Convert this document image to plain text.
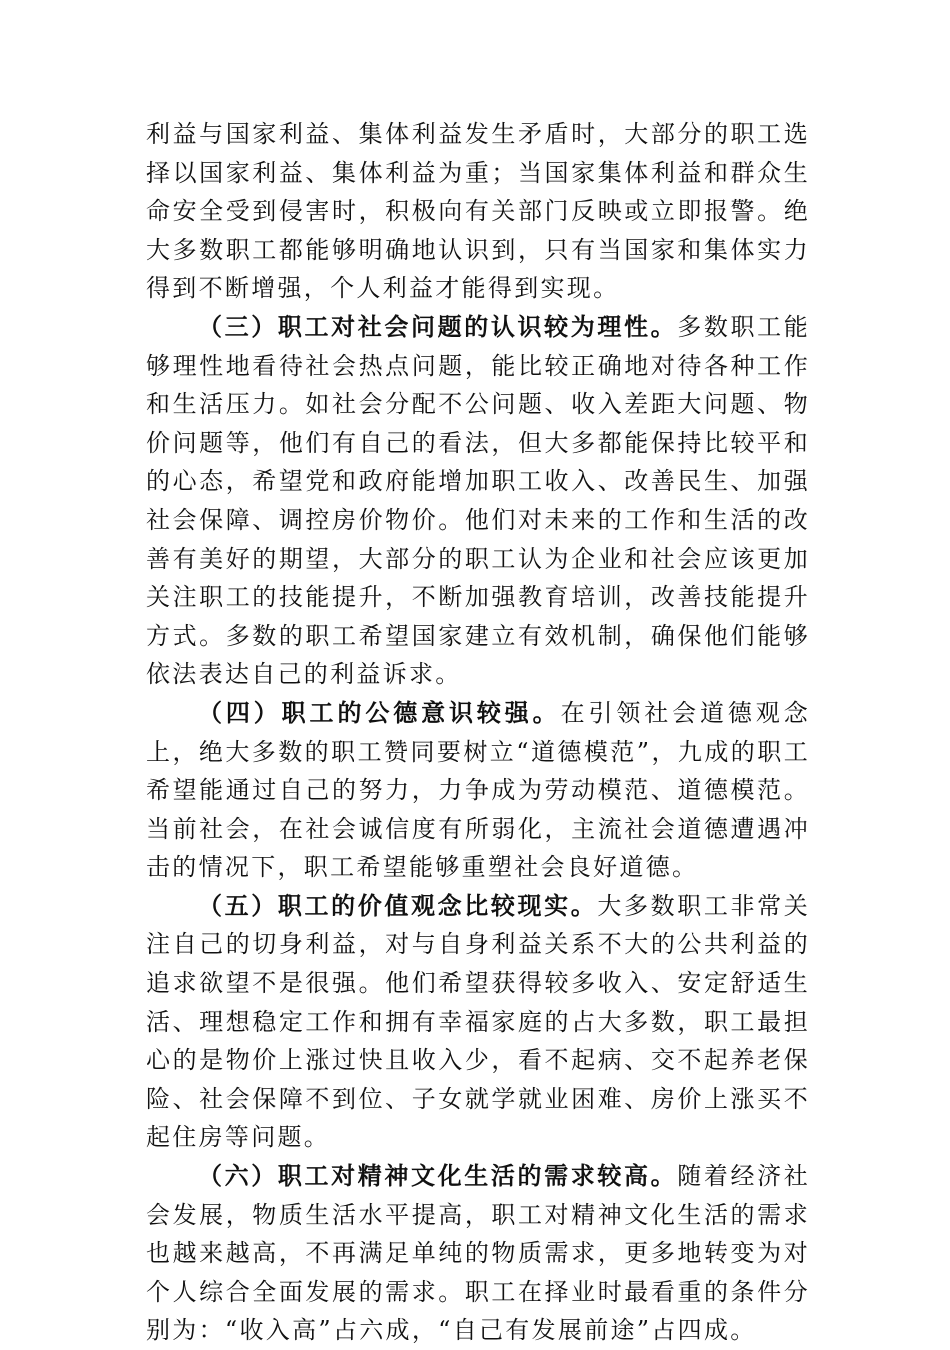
利益与国家利益、集体利益发生矛盾时，大部分的职工选择以国家利益、集体利益为重；当国家集体利益和群众生命安全受到侵害时，积极向有关部门反映或立即报警。绝大多数职工都能够明确地认识到，只有当国家和集体实力得到不断增强，个人利益才能得到实现。

（三）职工对社会问题的认识较为理性。多数职工能够理性地看待社会热点问题，能比较正确地对待各种工作和生活压力。如社会分配不公问题、收入差距大问题、物价问题等，他们有自己的看法，但大多都能保持比较平和的心态，希望党和政府能增加职工收入、改善民生、加强社会保障、调控房价物价。他们对未来的工作和生活的改善有美好的期望，大部分的职工认为企业和社会应该更加关注职工的技能提升，不断加强教育培训，改善技能提升方式。多数的职工希望国家建立有效机制，确保他们能够依法表达自己的利益诉求。

（四）职工的公德意识较强。在引领社会道德观念上，绝大多数的职工赞同要树立“道德模范”，九成的职工希望能通过自己的努力，力争成为劳动模范、道德模范。当前社会，在社会诚信度有所弱化，主流社会道德遭遇冲击的情况下，职工希望能够重塑社会良好道德。

（五）职工的价值观念比较现实。大多数职工非常关注自己的切身利益，对与自身利益关系不大的公共利益的追求欲望不是很强。他们希望获得较多收入、安定舒适生活、理想稳定工作和拥有幸福家庭的占大多数，职工最担心的是物价上涨过快且收入少，看不起病、交不起养老保险、社会保障不到位、子女就学就业困难、房价上涨买不起住房等问题。

（六）职工对精神文化生活的需求较高。随着经济社会发展，物质生活水平提高，职工对精神文化生活的需求也越来越高，不再满足单纯的物质需求，更多地转变为对个人综合全面发展的需求。职工在择业时最看重的条件分别为：“收入高”占六成，“自己有发展前途”占四成。
